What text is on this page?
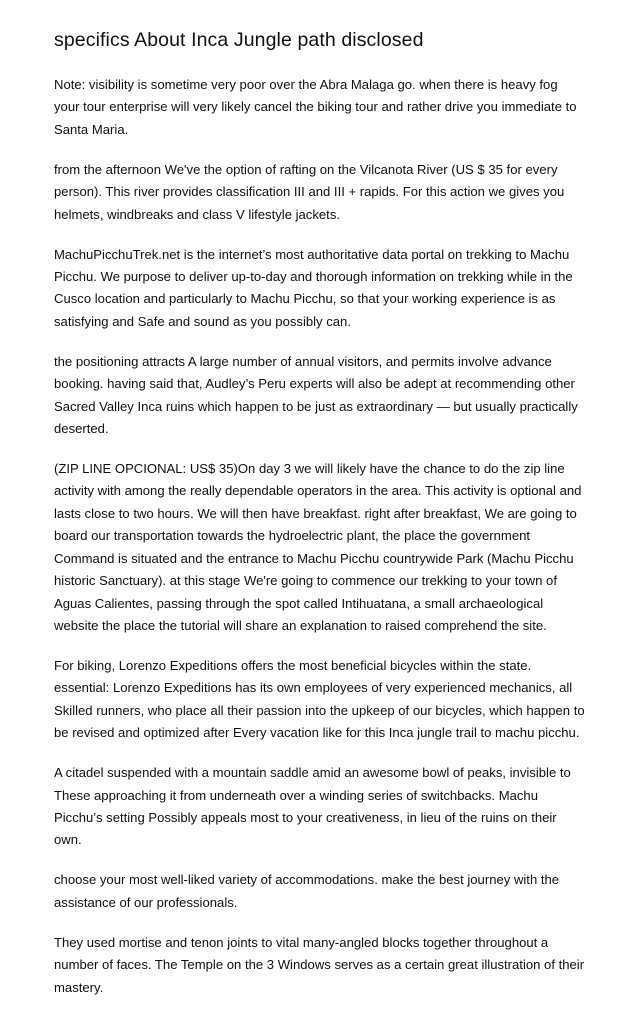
specifics About Inca Jungle path disclosed

Note: visibility is sometime very poor over the Abra Malaga go. when there is heavy fog your tour enterprise will very likely cancel the biking tour and rather drive you immediate to Santa Maria.

from the afternoon We've the option of rafting on the Vilcanota River (US $ 35 for every person). This river provides classification III and III + rapids. For this action we gives you helmets, windbreaks and class V lifestyle jackets.

MachuPicchuTrek.net is the internet’s most authoritative data portal on trekking to Machu Picchu. We purpose to deliver up-to-day and thorough information on trekking while in the Cusco location and particularly to Machu Picchu, so that your working experience is as satisfying and Safe and sound as you possibly can.

the positioning attracts A large number of annual visitors, and permits involve advance booking. having said that, Audley’s Peru experts will also be adept at recommending other Sacred Valley Inca ruins which happen to be just as extraordinary — but usually practically deserted.

(ZIP LINE OPCIONAL: US$ 35)On day 3 we will likely have the chance to do the zip line activity with among the really dependable operators in the area. This activity is optional and lasts close to two hours. We will then have breakfast. right after breakfast, We are going to board our transportation towards the hydroelectric plant, the place the government Command is situated and the entrance to Machu Picchu countrywide Park (Machu Picchu historic Sanctuary). at this stage We're going to commence our trekking to your town of Aguas Calientes, passing through the spot called Intihuatana, a small archaeological website the place the tutorial will share an explanation to raised comprehend the site.

For biking, Lorenzo Expeditions offers the most beneficial bicycles within the state. essential: Lorenzo Expeditions has its own employees of very experienced mechanics, all Skilled runners, who place all their passion into the upkeep of our bicycles, which happen to be revised and optimized after Every vacation like for this Inca jungle trail to machu picchu.

A citadel suspended with a mountain saddle amid an awesome bowl of peaks, invisible to These approaching it from underneath over a winding series of switchbacks. Machu Picchu’s setting Possibly appeals most to your creativeness, in lieu of the ruins on their own.

choose your most well-liked variety of accommodations. make the best journey with the assistance of our professionals.

They used mortise and tenon joints to vital many-angled blocks together throughout a number of faces. The Temple on the 3 Windows serves as a certain great illustration of their mastery.
